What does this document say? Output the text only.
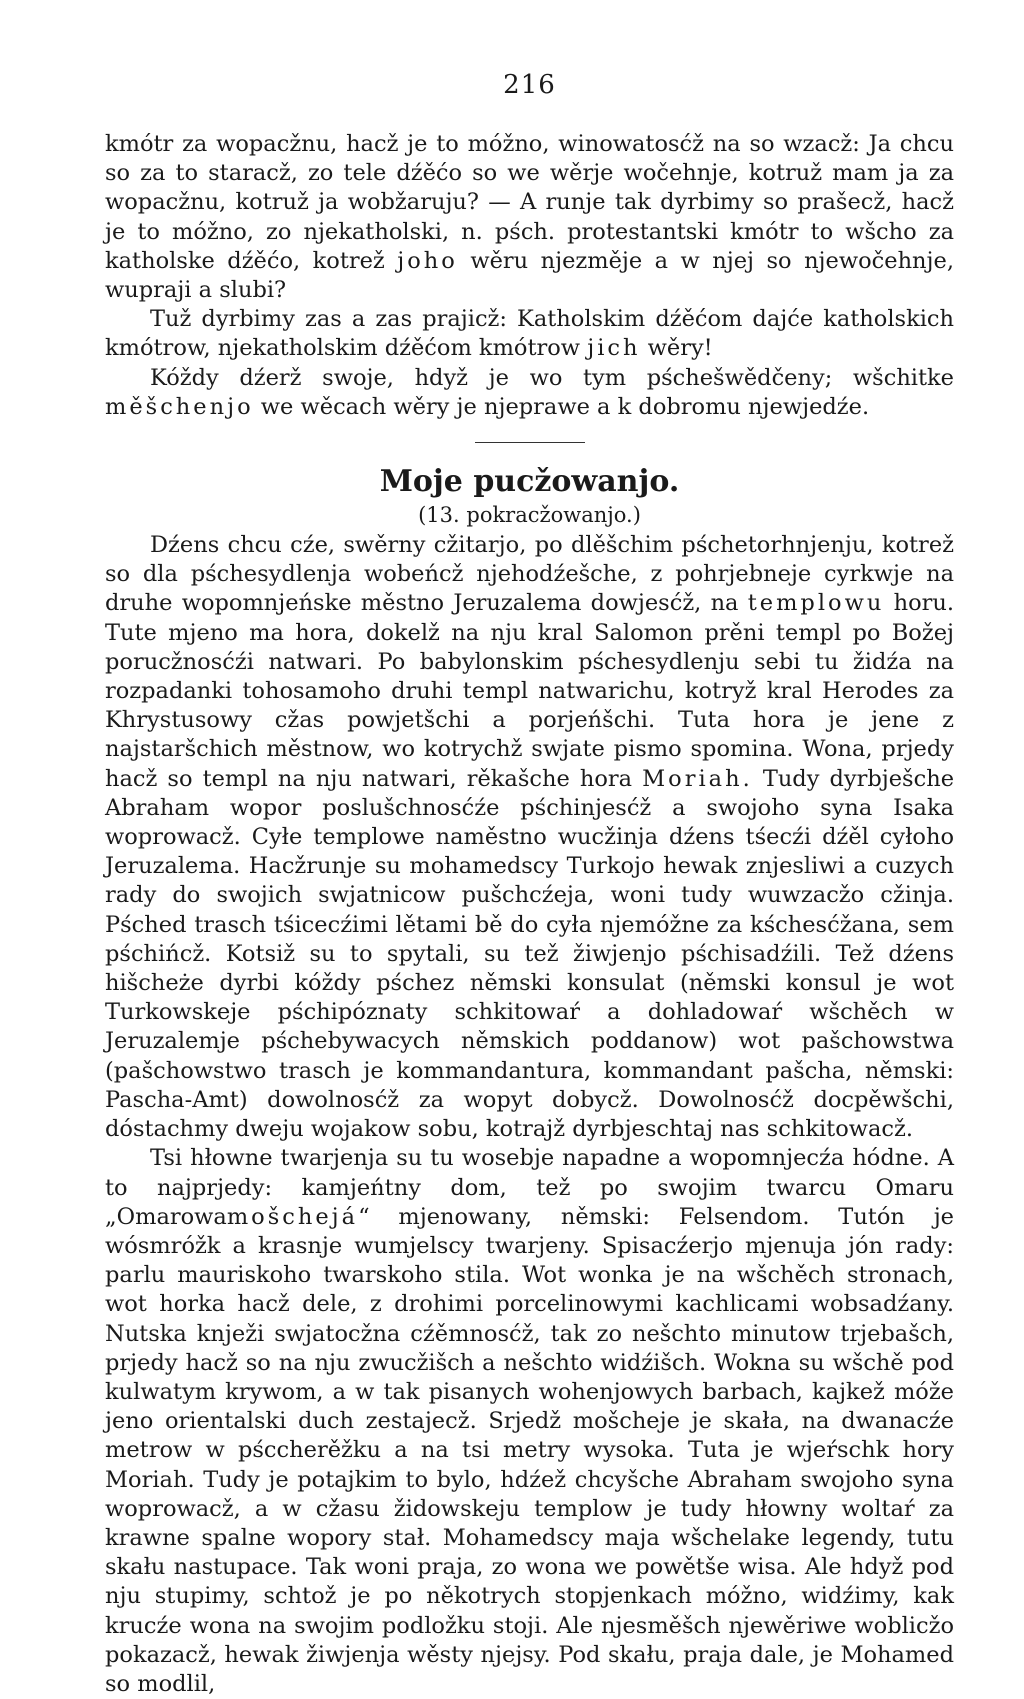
216

kmótr za wopacžnu, hacž je to móžno, winowatosćž na so wzacž: Ja chcu so za to staracž, zo tele dźěćo so we wěrje wočehnje, kotruž mam ja za wopacžnu, kotruž ja wobžaruju? — A runje tak dyrbimy so prašecž, hacž je to móžno, zo njekatholski, n. pśch. protestantski kmótr to wšcho za katholske dźěćo, kotrež joho wěru njezměje a w njej so njewočehnje, wupraji a slubi?

Tuž dyrbimy zas a zas prajicž: Katholskim dźěćom dajće katholskich kmótrow, njekatholskim dźěćom kmótrow jich wěry!

Kóždy dźerž swoje, hdyž je wo tym pśchešwědčeny; wšchitke měšchenjo we wěcach wěry je njeprawe a k dobromu njewjedźe.

Moje pucžowanjo.
(13. pokracžowanjo.)

Dźens chcu cźe, swěrny cžitarjo, po dlěšchim pśchetorhnjenju, kotrež so dla pśchesydlenja wobeńcž njehodźešche, z pohrjebneje cyrkwje na druhe wopomnjeńske městno Jeruzalema dowjesćž, na templowu horu. Tute mjeno ma hora, dokelž na nju kral Salomon prěni templ po Božej porucžnosćźi natwari. Po babylonskim pśchesydlenju sebi tu židźa na rozpadanki tohosamoho druhi templ natwarichu, kotryž kral Herodes za Khrystusowy cžas powjetšchi a porjeńšchi. Tuta hora je jene z najstaršchich městnow, wo kotrychž swjate pismo spomina. Wona, prjedy hacž so templ na nju natwari, rěkašche hora Moriah. Tudy dyrbješche Abraham wopor poslušchnosćźe pśchinjesćž a swojoho syna Isaka woprowacž. Cyłe templowe naměstno wucžinja dźens tśecźi dźěl cyłoho Jeruzalema. Hacžrunje su mohamedscy Turkojo hewak znjesliwi a cuzych rady do swojich swjatnicow pušchcźeja, woni tudy wuwzacžo cžinja. Pśched trasch tśicecźimi lětami bě do cyła njemóžne za kśchesćžana, sem pśchińcž. Kotsiž su to spytali, su tež žiwjenjo pśchisadźili. Tež dźens hišcheże dyrbi kóždy pśchez němski konsulat (němski konsul je wot Turkowskeje pśchipóznaty schkitowaŕ a dohladowaŕ wšchěch w Jeruzalemje pśchebywacych němskich poddanow) wot pašchowstwa (pašchowstwo trasch je kommandantura, kommandant pašcha, němski: Pascha-Amt) dowolnosćž za wopyt dobycž. Dowolnosćž docpěwšchi, dóstachmy dweju wojakow sobu, kotrajž dyrbjeschtaj nas schkitowacž.

Tsi hłowne twarjenja su tu wosebje napadne a wopomnjecźa hódne. A to najprjedy: kamjeńtny dom, tež po swojim twarcu Omaru „Omarowamošchejá“ mjenowany, němski: Felsendom. Tutón je wósmróžk a krasnje wumjelscy twarjeny. Spisacźerjo mjenuja jón rady: parlu mauriskoho twarskoho stila. Wot wonka je na wšchěch stronach, wot horka hacž dele, z drohimi porcelinowymi kachlicami wobsadźany. Nutska knježi swjatocžna cźěmnosćž, tak zo nešchto minutow trjebašch, prjedy hacž so na nju zwucžišch a nešchto widźišch. Wokna su wšchě pod kulwatym krywom, a w tak pisanych wohenjowych barbach, kajkež móže jeno orientalski duch zestajecž. Srjedž mošcheje je skała, na dwanacźe metrow w pśccherěžku a na tsi metry wysoka. Tuta je wjeŕschk hory Moriah. Tudy je potajkim to bylo, hdźež chcyšche Abraham swojoho syna woprowacž, a w cžasu židowskeju templow je tudy hłowny woltaŕ za krawne spalne wopory stał. Mohamedscy maja wšchelake legendy, tutu skału nastupace. Tak woni praja, zo wona we powětše wisa. Ale hdyž pod nju stupimy, schtož je po někotrych stopjenkach móžno, widźimy, kak krucźe wona na swojim podložku stoji. Ale njesměšch njewěriwe woblicžo pokazacž, hewak žiwjenja wěsty njejsy. Pod skału, praja dale, je Mohamed so modlil,
